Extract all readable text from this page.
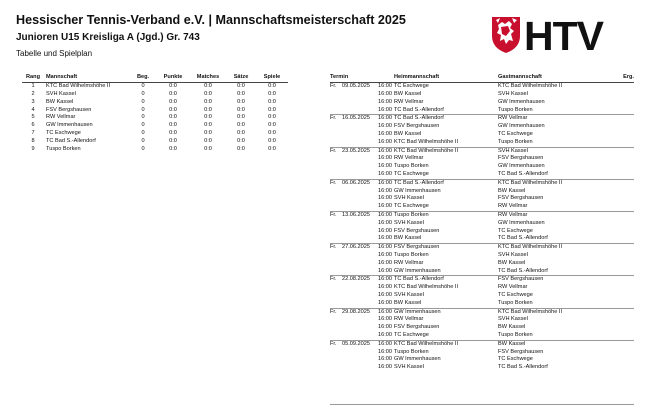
Hessischer Tennis-Verband e.V. | Mannschaftsmeisterschaft 2025
Junioren U15 Kreisliga A (Jgd.) Gr. 743
Tabelle und Spielplan	HTV
Rang	Mannschaft	Beg.	Punkte	Matches	Sätze	Spiele
1	KTC Bad Wilhelmshöhe II	0	0:0	0:0	0:0	0:0
2	SVH Kassel	0	0:0	0:0	0:0	0:0
3	BW Kassel	0	0:0	0:0	0:0	0:0
4	FSV Bergshausen	0	0:0	0:0	0:0	0:0
5	RW Vellmar	0	0:0	0:0	0:0	0:0
6	GW Immenhausen	0	0:0	0:0	0:0	0:0
7	TC Eschwege	0	0:0	0:0	0:0	0:0
8	TC Bad S.-Allendorf	0	0:0	0:0	0:0	0:0
9	Tuspo Borken	0	0:0	0:0	0:0	0:0
Termin			Heimmannschaft	Gastmannschaft	Erg.
Fr.	09.05.2025	16:00	TC Eschwege	KTC Bad Wilhelmshöhe II	
		16:00	BW Kassel	SVH Kassel	
		16:00	RW Vellmar	GW Immenhausen	
		16:00	TC Bad S.-Allendorf	Tuspo Borken	
Fr.	16.05.2025	16:00	TC Bad S.-Allendorf	RW Vellmar	
		16:00	FSV Bergshausen	GW Immenhausen	
		16:00	BW Kassel	TC Eschwege	
		16:00	KTC Bad Wilhelmshöhe II	Tuspo Borken	
Fr.	23.05.2025	16:00	KTC Bad Wilhelmshöhe II	SVH Kassel	
		16:00	RW Vellmar	FSV Bergshausen	
		16:00	Tuspo Borken	GW Immenhausen	
		16:00	TC Eschwege	TC Bad S.-Allendorf	
Fr.	06.06.2025	16:00	TC Bad S.-Allendorf	KTC Bad Wilhelmshöhe II	
		16:00	GW Immenhausen	BW Kassel	
		16:00	SVH Kassel	FSV Bergshausen	
		16:00	TC Eschwege	RW Vellmar	
Fr.	13.06.2025	16:00	Tuspo Borken	RW Vellmar	
		16:00	SVH Kassel	GW Immenhausen	
		16:00	FSV Bergshausen	TC Eschwege	
		16:00	BW Kassel	TC Bad S.-Allendorf	
Fr.	27.06.2025	16:00	FSV Bergshausen	KTC Bad Wilhelmshöhe II	
		16:00	Tuspo Borken	SVH Kassel	
		16:00	RW Vellmar	BW Kassel	
		16:00	GW Immenhausen	TC Bad S.-Allendorf	
Fr.	22.08.2025	16:00	TC Bad S.-Allendorf	FSV Bergshausen	
		16:00	KTC Bad Wilhelmshöhe II	RW Vellmar	
		16:00	SVH Kassel	TC Eschwege	
		16:00	BW Kassel	Tuspo Borken	
Fr.	29.08.2025	16:00	GW Immenhausen	KTC Bad Wilhelmshöhe II	
		16:00	RW Vellmar	SVH Kassel	
		16:00	FSV Bergshausen	BW Kassel	
		16:00	TC Eschwege	Tuspo Borken	
Fr.	05.09.2025	16:00	KTC Bad Wilhelmshöhe II	BW Kassel	
		16:00	Tuspo Borken	FSV Bergshausen	
		16:00	GW Immenhausen	TC Eschwege	
		16:00	SVH Kassel	TC Bad S.-Allendorf	
